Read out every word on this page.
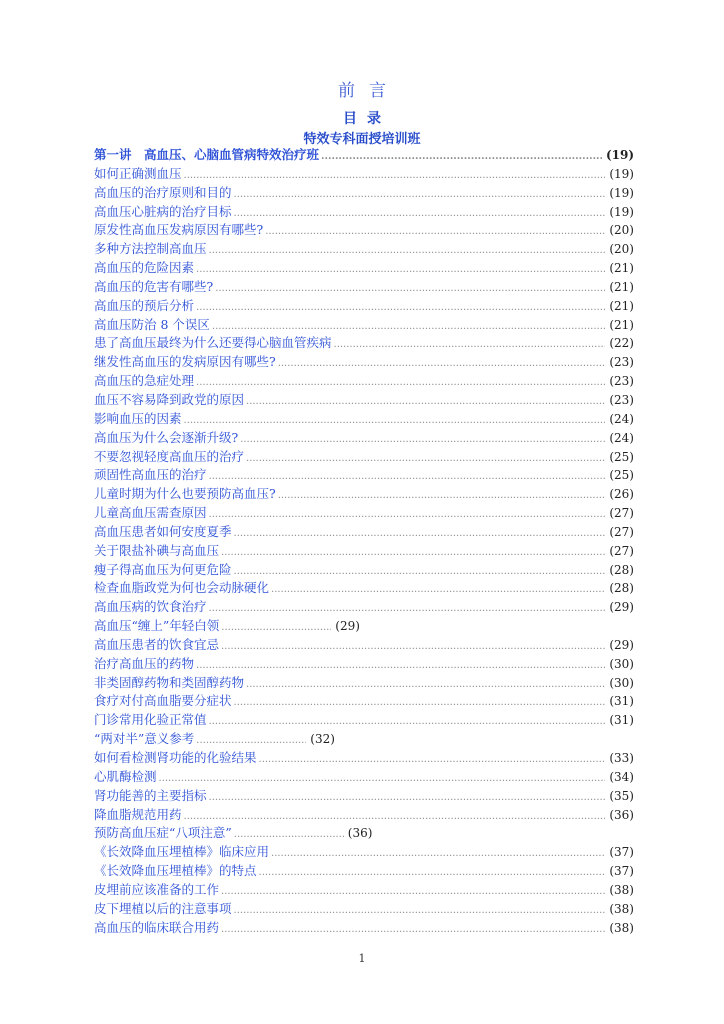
前言
目录
特效专科面授培训班
第一讲　高血压、心脑血管病特效治疗班 .....	(19)
如何正确测血压 .....	(19)
高血压的治疗原则和目的 .....	(19)
高血压心脏病的治疗目标 .....	(19)
原发性高血压发病原因有哪些? .....	(20)
多种方法控制高血压 .....	(20)
高血压的危险因素 .....	(21)
高血压的危害有哪些? .....	(21)
高血压的预后分析 .....	(21)
高血压防治 8 个误区 .....	(21)
患了高血压最终为什么还要得心脑血管疾病 .....	(22)
继发性高血压的发病原因有哪些? .....	(23)
高血压的急症处理 .....	(23)
血压不容易降到政党的原因 .....	(23)
影响血压的因素 .....	(24)
高血压为什么会逐渐升级? .....	(24)
不要忽视轻度高血压的治疗 .....	(25)
顽固性高血压的治疗 .....	(25)
儿童时期为什么也要预防高血压? .....	(26)
儿童高血压需查原因 .....	(27)
高血压患者如何安度夏季 .....	(27)
关于限盐补碘与高血压 .....	(27)
瘦子得高血压为何更危险 .....	(28)
检查血脂政党为何也会动脉硬化 .....	(28)
高血压病的饮食治疗 .....	(29)
高血压“缠上”年轻白领 .....	(29)
高血压患者的饮食宜忌 .....	(29)
治疗高血压的药物 .....	(30)
非类固醇药物和类固醇药物 .....	(30)
食疗对付高血脂要分症状 .....	(31)
门诊常用化验正常值 .....	(31)
“两对半”意义参考 .....	(32)
如何看检测肾功能的化验结果 .....	(33)
心肌酶检测 .....	(34)
肾功能善的主要指标 .....	(35)
降血脂规范用药 .....	(36)
预防高血压症“八项注意” .....	(36)
《长效降血压埋植棒》临床应用 .....	(37)
《长效降血压埋植棒》的特点 .....	(37)
皮埋前应该准备的工作 .....	(38)
皮下埋植以后的注意事项 .....	(38)
高血压的临床联合用药 .....	(38)
1
